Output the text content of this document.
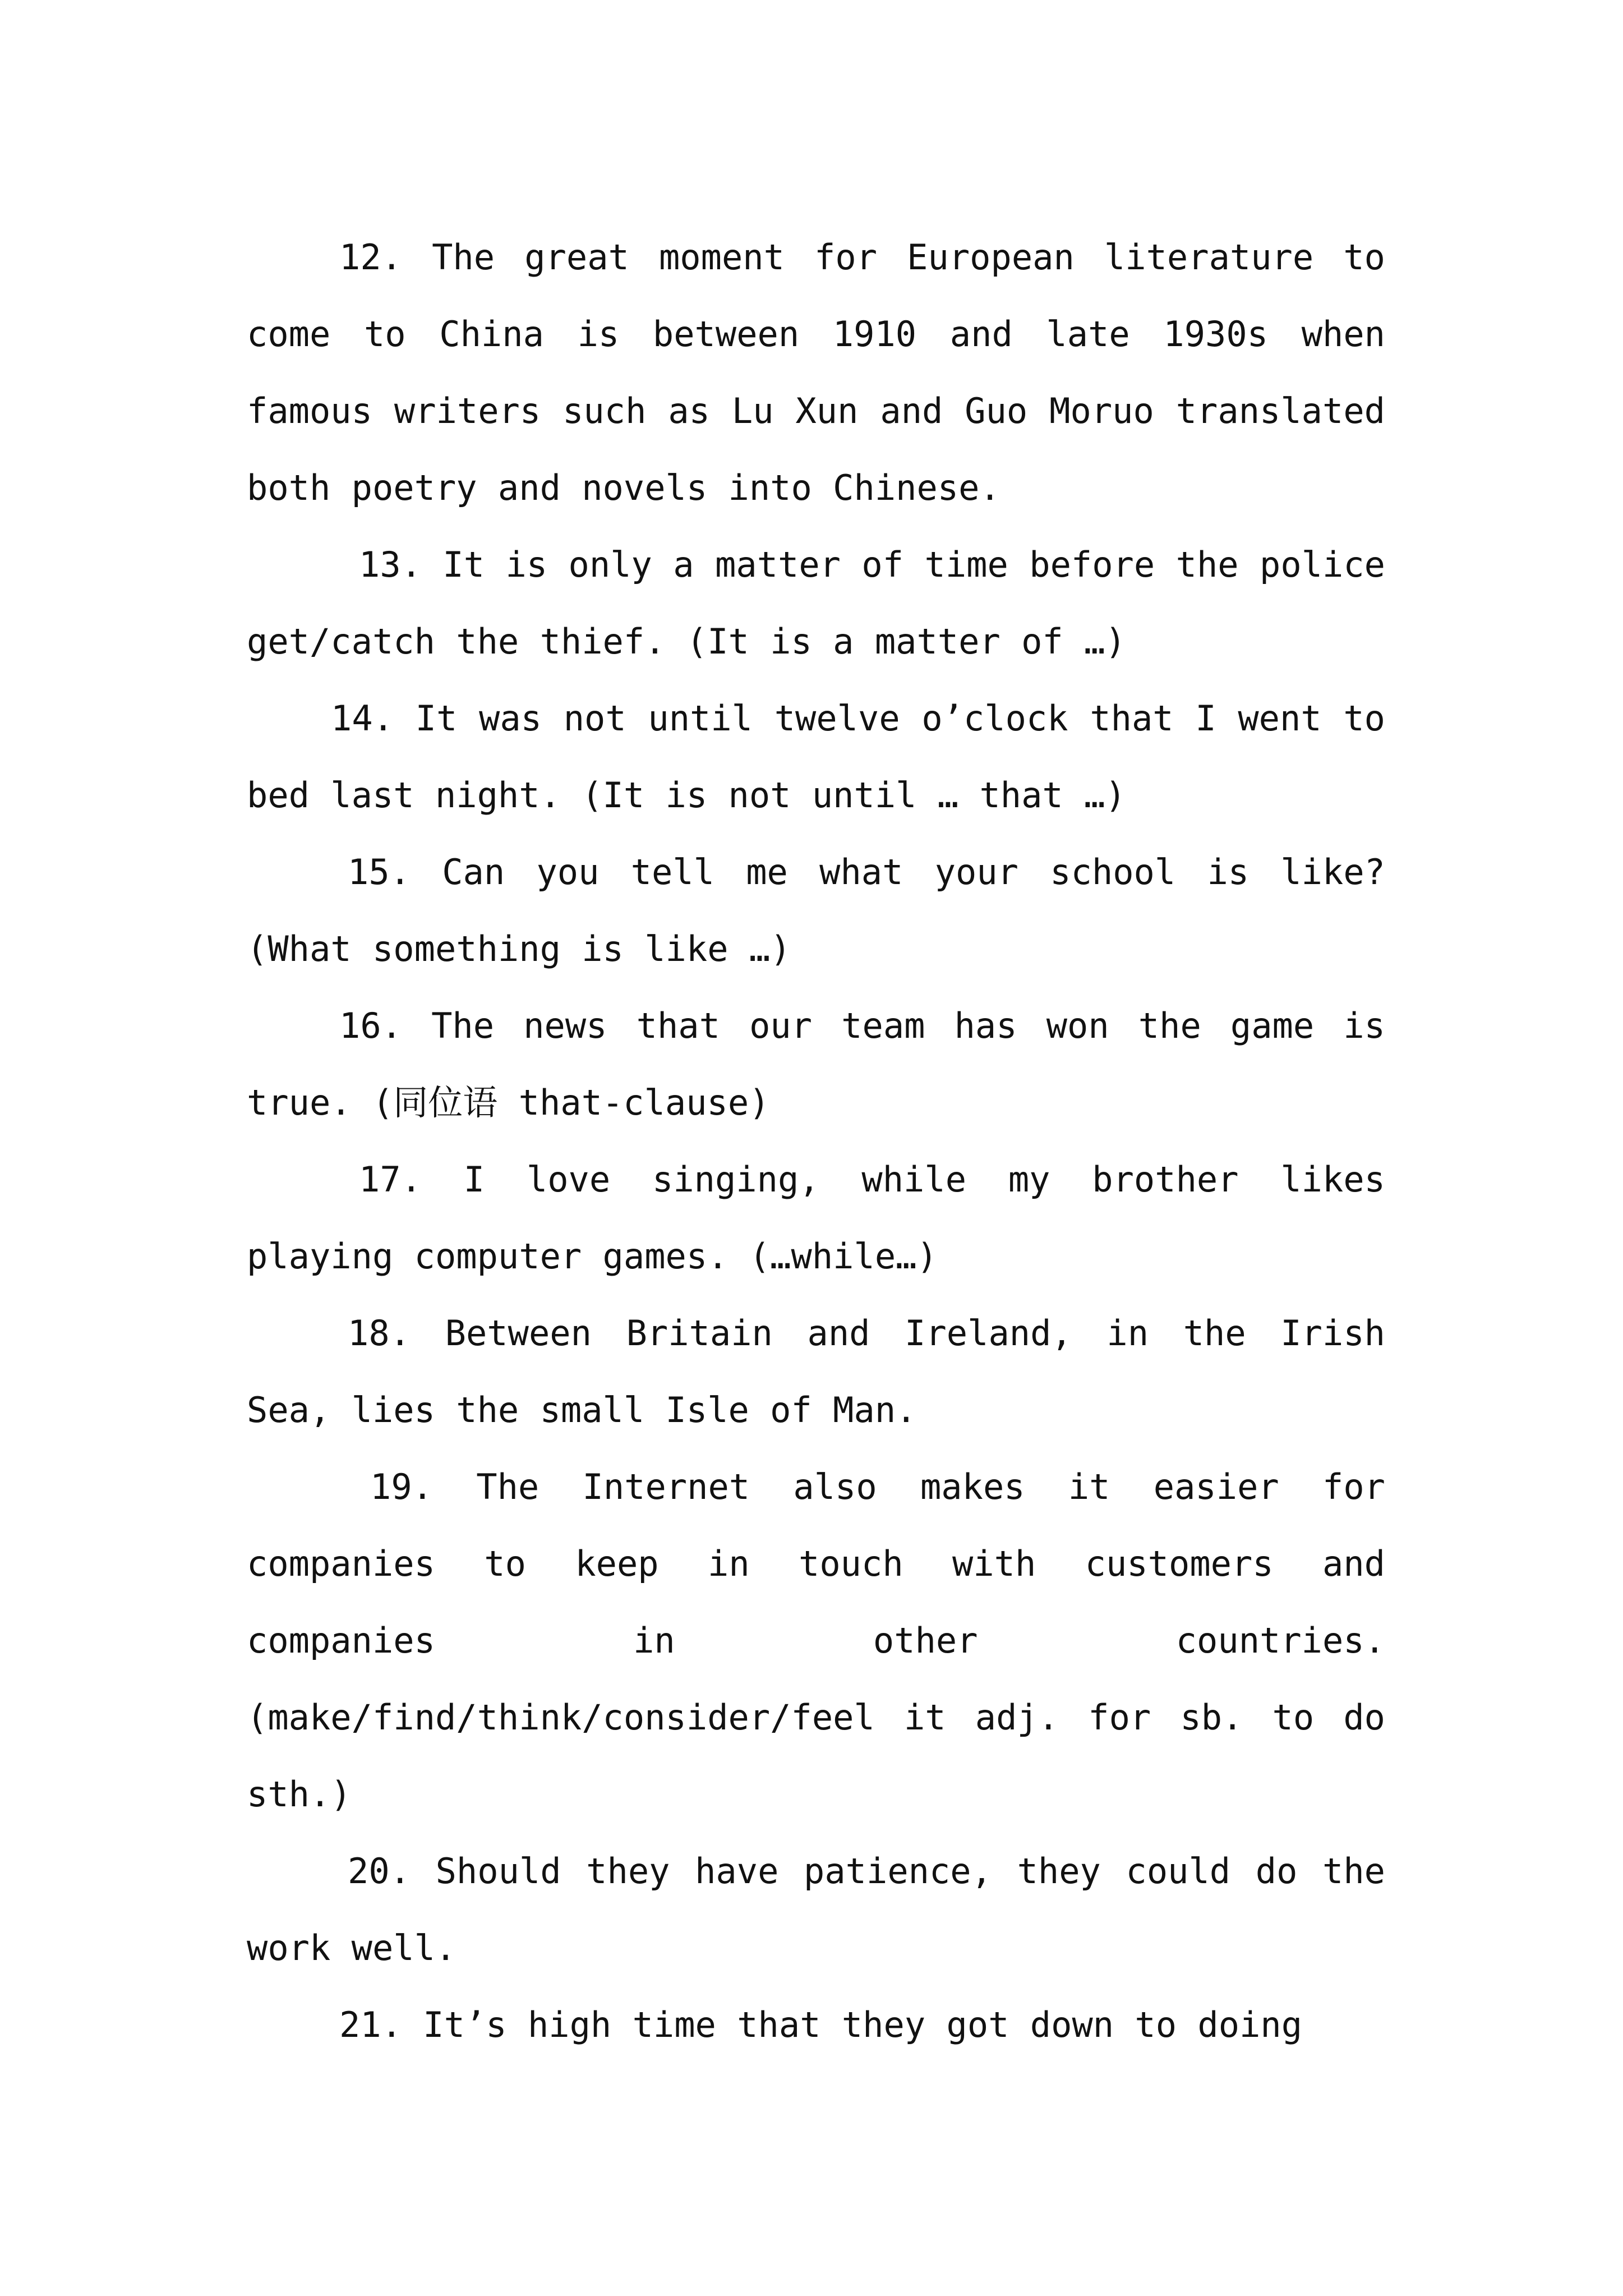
12. The great moment for European literature to come to China is between 1910 and late 1930s when famous writers such as Lu Xun and Guo Moruo translated both poetry and novels into Chinese.

13. It is only a matter of time before the police get/catch the thief. (It is a matter of …)

14. It was not until twelve o’clock that I went to bed last night. (It is not until … that …)

15. Can you tell me what your school is like? (What something is like …)

16. The news that our team has won the game is true. (同位语 that-clause)

17. I love singing, while my brother likes playing computer games. (…while…)

18. Between Britain and Ireland, in the Irish Sea, lies the small Isle of Man.

19. The Internet also makes it easier for companies to keep in touch with customers and companies in other countries. (make/find/think/consider/feel it adj. for sb. to do sth.)

20. Should they have patience, they could do the work well.

21. It’s high time that they got down to doing
